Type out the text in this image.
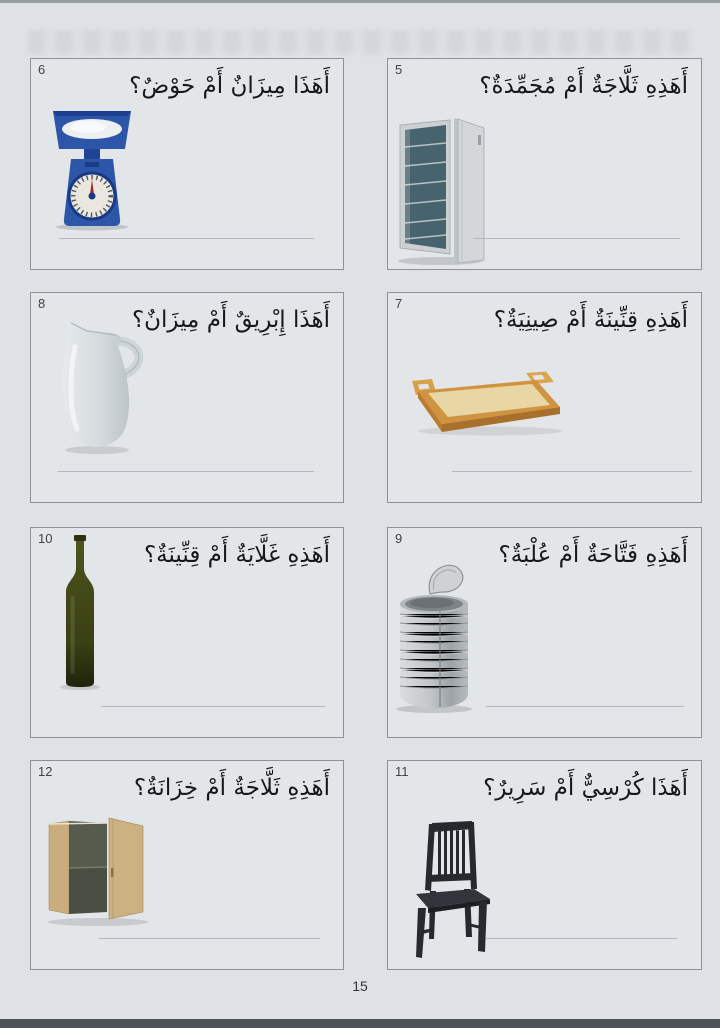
6
أَهَذَا مِيزَانٌ أَمْ حَوْضٌ؟
5
أَهَذِهِ ثَلَّاجَةٌ أَمْ مُجَمِّدَةٌ؟
8
أَهَذَا إِبْرِيقٌ أَمْ مِيزَانٌ؟
7
أَهَذِهِ قِنِّينَةٌ أَمْ صِينِيَةٌ؟
10
أَهَذِهِ غَلَّايَةٌ أَمْ قِنِّينَةٌ؟
9
أَهَذِهِ فَتَّاحَةٌ أَمْ عُلْبَةٌ؟
12
أَهَذِهِ ثَلَّاجَةٌ أَمْ خِزَانَةٌ؟
11
أَهَذَا كُرْسِيٌّ أَمْ سَرِيرٌ؟
15
